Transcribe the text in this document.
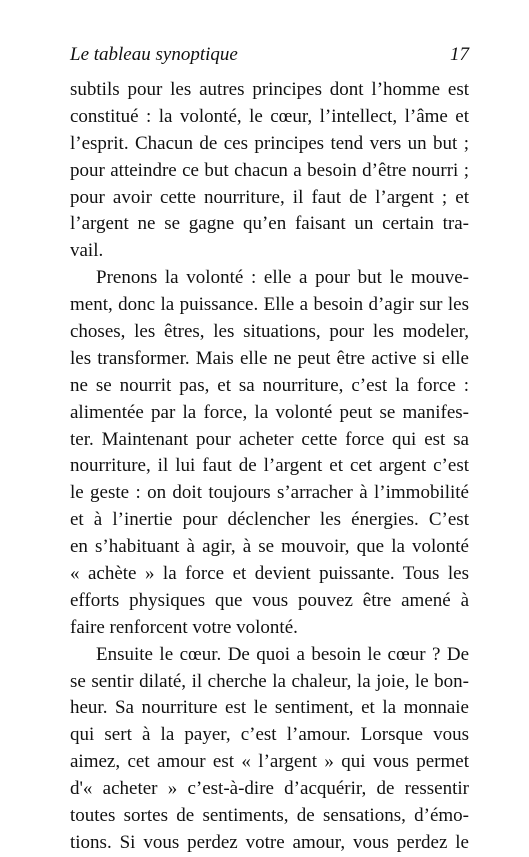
Le tableau synoptique	17
subtils pour les autres principes dont l’homme est
constitué : la volonté, le cœur, l’intellect, l’âme et
l’esprit. Chacun de ces principes tend vers un but ;
pour atteindre ce but chacun a besoin d’être nourri ;
pour avoir cette nourriture, il faut de l’argent ; et
l’argent ne se gagne qu’en faisant un certain tra-
vail.
Prenons la volonté : elle a pour but le mouve-
ment, donc la puissance. Elle a besoin d’agir sur les
choses, les êtres, les situations, pour les modeler,
les transformer. Mais elle ne peut être active si elle
ne se nourrit pas, et sa nourriture, c’est la force :
alimentée par la force, la volonté peut se manifes-
ter. Maintenant pour acheter cette force qui est sa
nourriture, il lui faut de l’argent et cet argent c’est
le geste : on doit toujours s’arracher à l’immobilité
et à l’inertie pour déclencher les énergies. C’est
en s’habituant à agir, à se mouvoir, que la volonté
« achète » la force et devient puissante. Tous les
efforts physiques que vous pouvez être amené à
faire renforcent votre volonté.
Ensuite le cœur. De quoi a besoin le cœur ? De
se sentir dilaté, il cherche la chaleur, la joie, le bon-
heur. Sa nourriture est le sentiment, et la monnaie
qui sert à la payer, c’est l’amour. Lorsque vous
aimez, cet amour est « l’argent » qui vous permet
d'« acheter » c’est-à-dire d’acquérir, de ressentir
toutes sortes de sentiments, de sensations, d’émo-
tions. Si vous perdez votre amour, vous perdez le
